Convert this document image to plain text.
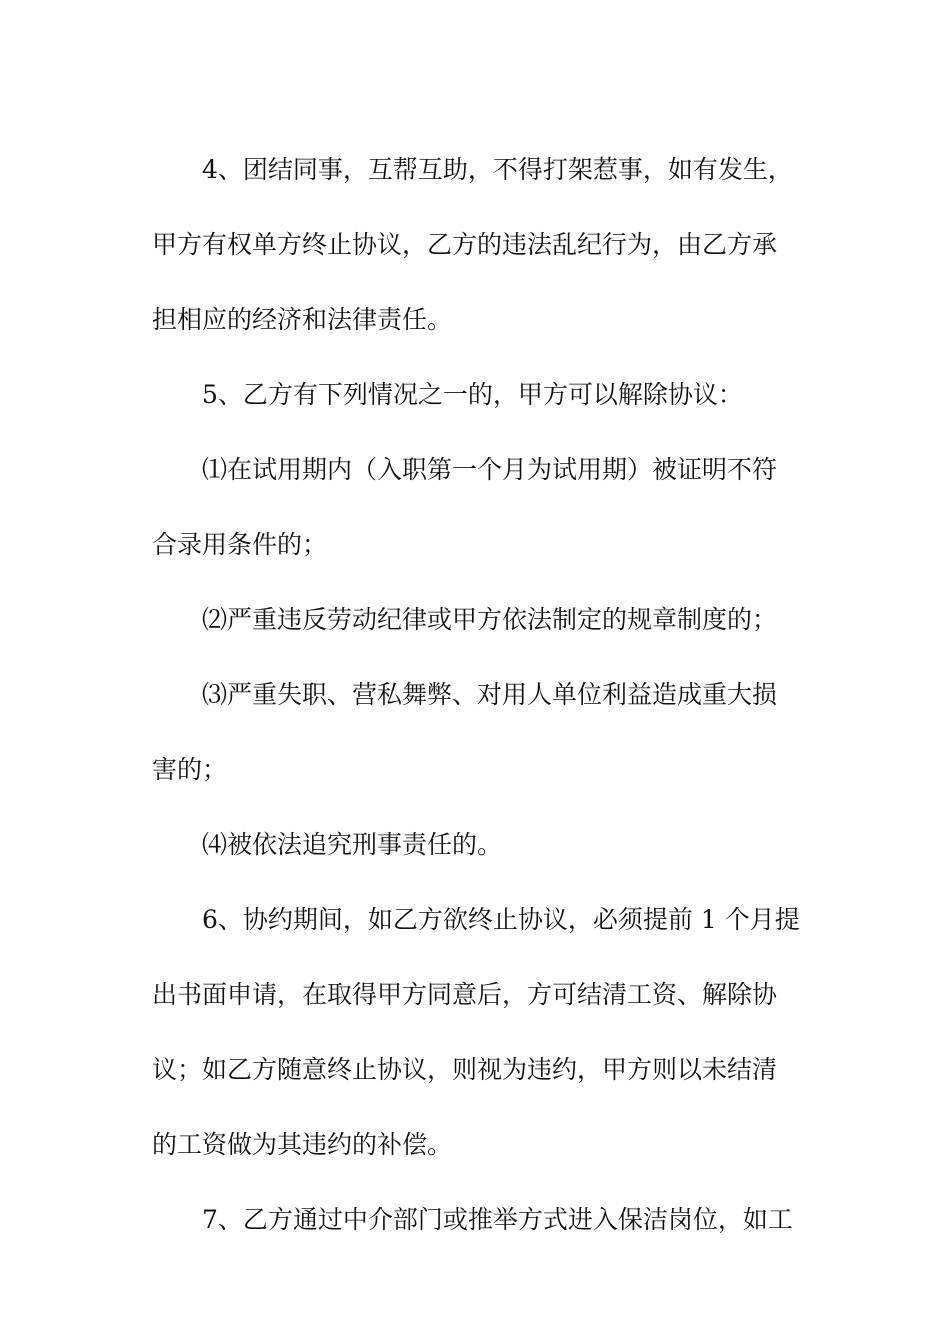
4、团结同事，互帮互助，不得打架惹事，如有发生，
甲方有权单方终止协议，乙方的违法乱纪行为，由乙方承
担相应的经济和法律责任。
5、乙方有下列情况之一的，甲方可以解除协议：
⑴在试用期内（入职第一个月为试用期）被证明不符
合录用条件的；
⑵严重违反劳动纪律或甲方依法制定的规章制度的；
⑶严重失职、营私舞弊、对用人单位利益造成重大损
害的；
⑷被依法追究刑事责任的。
6、协约期间，如乙方欲终止协议，必须提前 1 个月提
出书面申请，在取得甲方同意后，方可结清工资、解除协
议；如乙方随意终止协议，则视为违约，甲方则以未结清
的工资做为其违约的补偿。
7、乙方通过中介部门或推举方式进入保洁岗位，如工
